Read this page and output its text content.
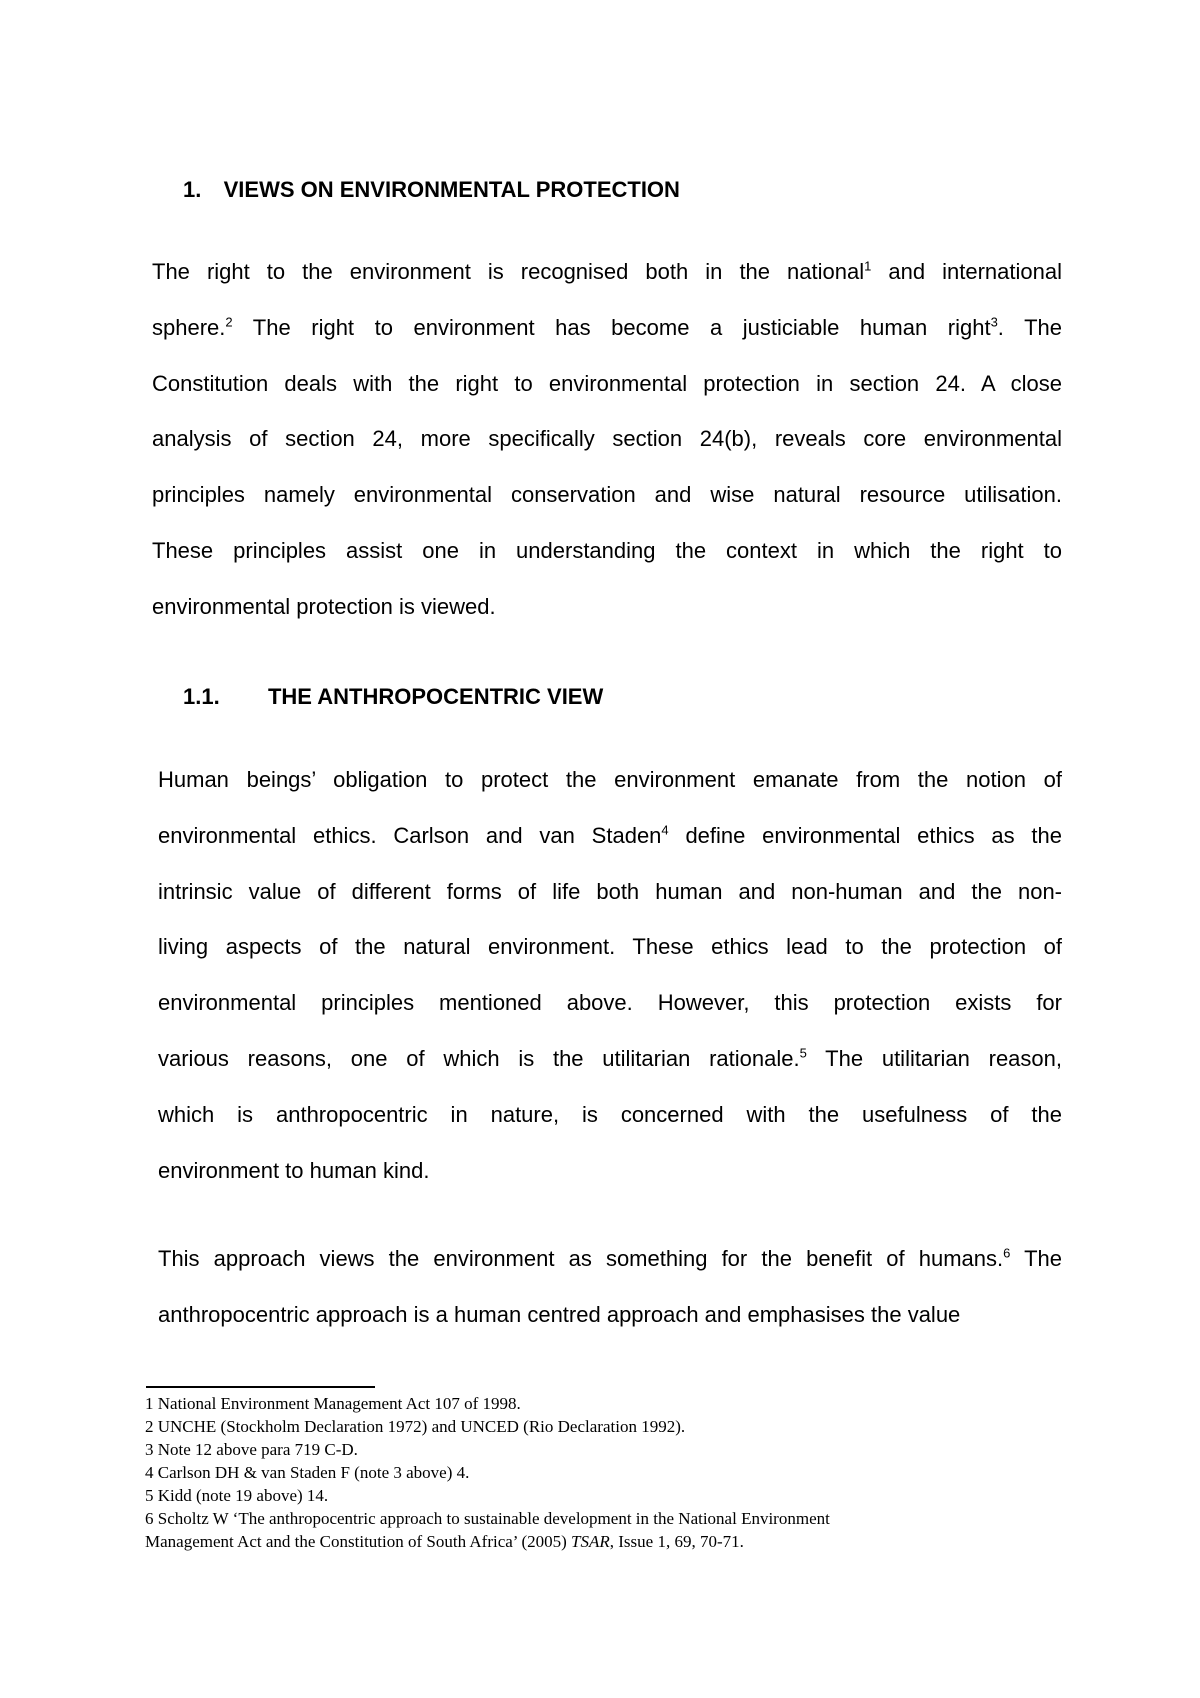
1. VIEWS ON ENVIRONMENTAL PROTECTION
The right to the environment is recognised both in the national$^1$ and international
sphere.$^2$ The right to environment has become a justiciable human right$^3$. The
Constitution deals with the right to environmental protection in section 24. A close
analysis of section 24, more specifically section 24(b), reveals core environmental
principles namely environmental conservation and wise natural resource utilisation.
These principles assist one in understanding the context in which the right to
environmental protection is viewed.
1.1. THE ANTHROPOCENTRIC VIEW
Human beings’ obligation to protect the environment emanate from the notion of
environmental ethics. Carlson and van Staden$^4$ define environmental ethics as the
intrinsic value of different forms of life both human and non-human and the non-
living aspects of the natural environment. These ethics lead to the protection of
environmental principles mentioned above. However, this protection exists for
various reasons, one of which is the utilitarian rationale.$^5$ The utilitarian reason,
which is anthropocentric in nature, is concerned with the usefulness of the
environment to human kind.
This approach views the environment as something for the benefit of humans.$^6$ The
anthropocentric approach is a human centred approach and emphasises the value
1 National Environment Management Act 107 of 1998.
2 UNCHE (Stockholm Declaration 1972) and UNCED (Rio Declaration 1992).
3 Note 12 above para 719 C-D.
4 Carlson DH & van Staden F (note 3 above) 4.
5 Kidd (note 19 above) 14.
6 Scholtz W ‘The anthropocentric approach to sustainable development in the National Environment
Management Act and the Constitution of South Africa’ (2005) TSAR, Issue 1, 69, 70-71.
